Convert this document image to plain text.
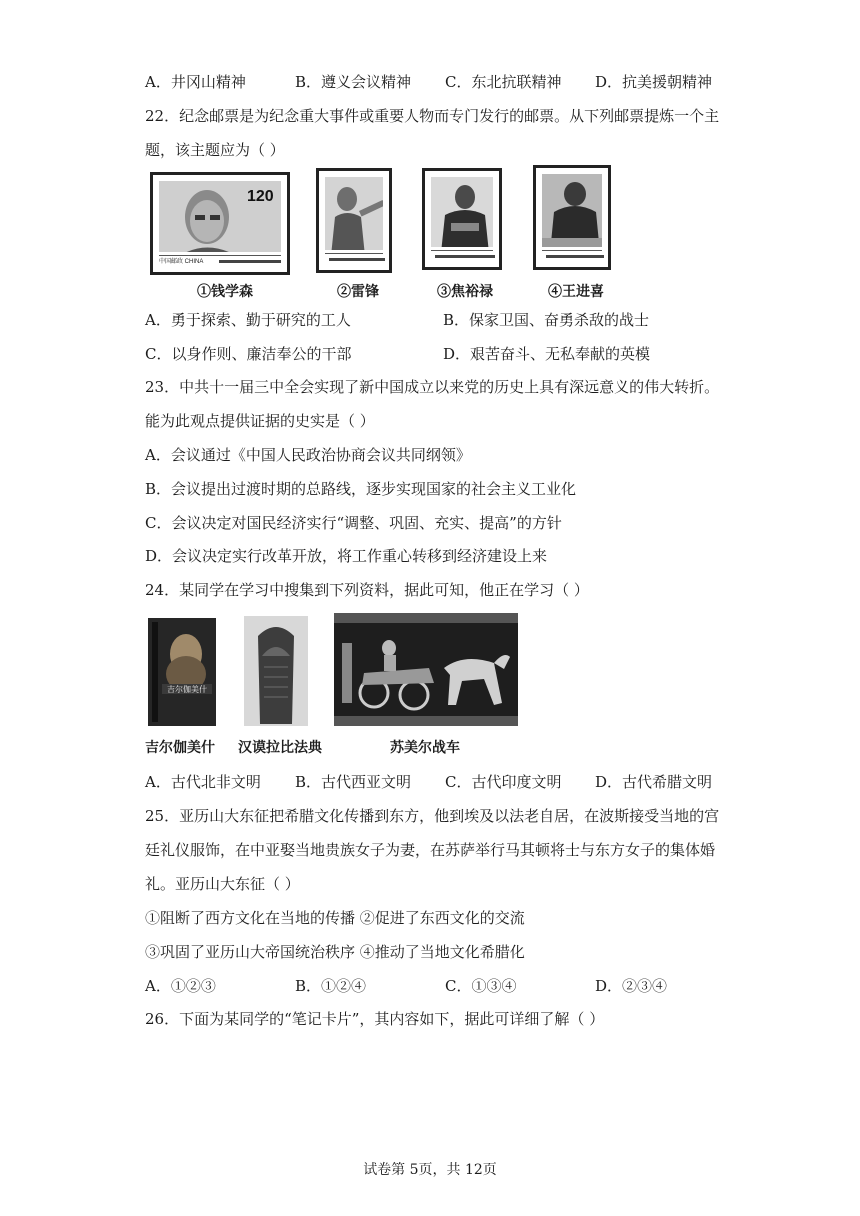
A．井冈山精神	B．遵义会议精神 C．东北抗联精神 D．抗美援朝精神
22．纪念邮票是为纪念重大事件或重要人物而专门发行的邮票。从下列邮票提炼一个主
题，该主题应为（ ）
120
中国邮政 CHINA
①钱学森	②雷锋	③焦裕禄	④王进喜
A．勇于探索、勤于研究的工人	B．保家卫国、奋勇杀敌的战士
C．以身作则、廉洁奉公的干部	D．艰苦奋斗、无私奉献的英模
23．中共十一届三中全会实现了新中国成立以来党的历史上具有深远意义的伟大转折。
能为此观点提供证据的史实是（ ）
A．会议通过《中国人民政治协商会议共同纲领》
B．会议提出过渡时期的总路线，逐步实现国家的社会主义工业化
C．会议决定对国民经济实行“调整、巩固、充实、提高”的方针
D．会议决定实行改革开放，将工作重心转移到经济建设上来
24．某同学在学习中搜集到下列资料，据此可知，他正在学习（ ）
吉尔伽美什
吉尔伽美什	汉谟拉比法典	苏美尔战车
A．古代北非文明 B．古代西亚文明 C．古代印度文明 D．古代希腊文明
25．亚历山大东征把希腊文化传播到东方，他到埃及以法老自居，在波斯接受当地的宫
廷礼仪服饰，在中亚娶当地贵族女子为妻，在苏萨举行马其顿将士与东方女子的集体婚
礼。亚历山大东征（ ）
①阻断了西方文化在当地的传播 ②促进了东西文化的交流
③巩固了亚历山大帝国统治秩序 ④推动了当地文化希腊化
A．①②③	B．①②④	C．①③④	D．②③④
26．下面为某同学的“笔记卡片”，其内容如下，据此可详细了解（ ）
试卷第 5页，共 12页
